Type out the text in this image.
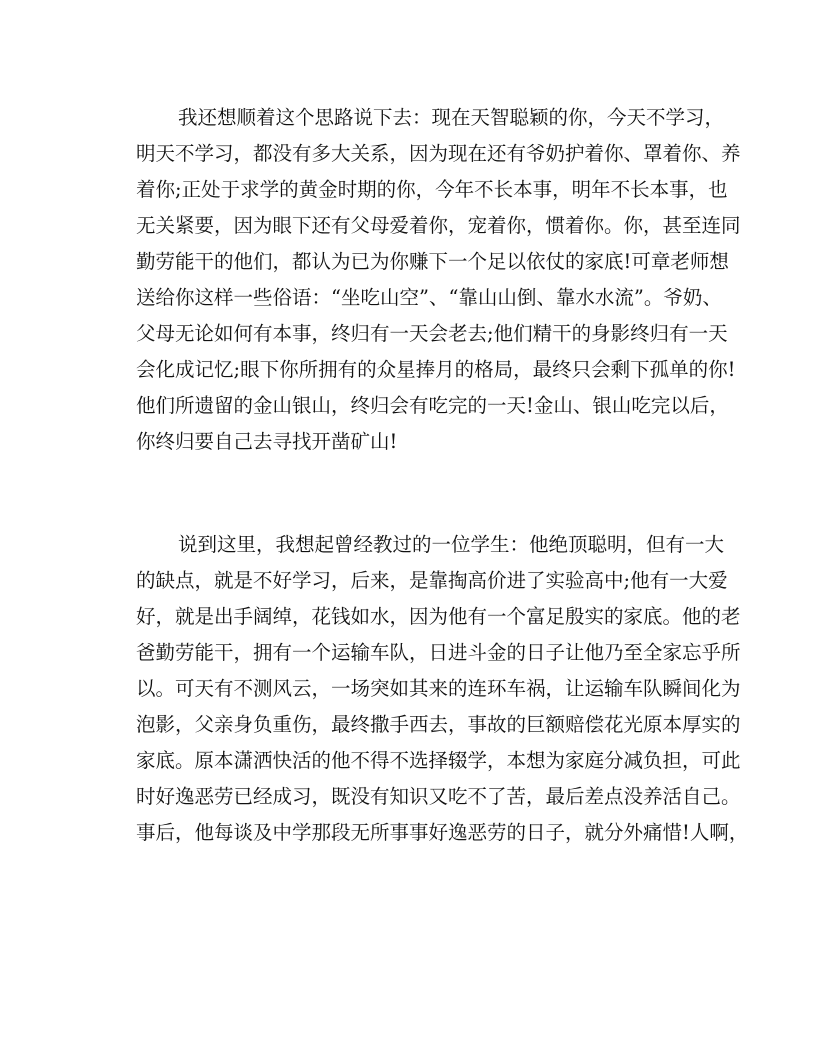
我还想顺着这个思路说下去：现在天智聪颖的你，今天不学习，
明天不学习，都没有多大关系，因为现在还有爷奶护着你、罩着你、养
着你;正处于求学的黄金时期的你，今年不长本事，明年不长本事，也
无关紧要，因为眼下还有父母爱着你，宠着你，惯着你。你，甚至连同
勤劳能干的他们，都认为已为你赚下一个足以依仗的家底!可章老师想
送给你这样一些俗语：“坐吃山空”、“靠山山倒、靠水水流”。爷奶、
父母无论如何有本事，终归有一天会老去;他们精干的身影终归有一天
会化成记忆;眼下你所拥有的众星捧月的格局，最终只会剩下孤单的你!
他们所遗留的金山银山，终归会有吃完的一天!金山、银山吃完以后，
你终归要自己去寻找开凿矿山!
说到这里，我想起曾经教过的一位学生：他绝顶聪明，但有一大
的缺点，就是不好学习，后来，是靠掏高价进了实验高中;他有一大爱
好，就是出手阔绰，花钱如水，因为他有一个富足殷实的家底。他的老
爸勤劳能干，拥有一个运输车队，日进斗金的日子让他乃至全家忘乎所
以。可天有不测风云，一场突如其来的连环车祸，让运输车队瞬间化为
泡影，父亲身负重伤，最终撒手西去，事故的巨额赔偿花光原本厚实的
家底。原本潇洒快活的他不得不选择辍学，本想为家庭分减负担，可此
时好逸恶劳已经成习，既没有知识又吃不了苦，最后差点没养活自己。
事后，他每谈及中学那段无所事事好逸恶劳的日子，就分外痛惜!人啊，
